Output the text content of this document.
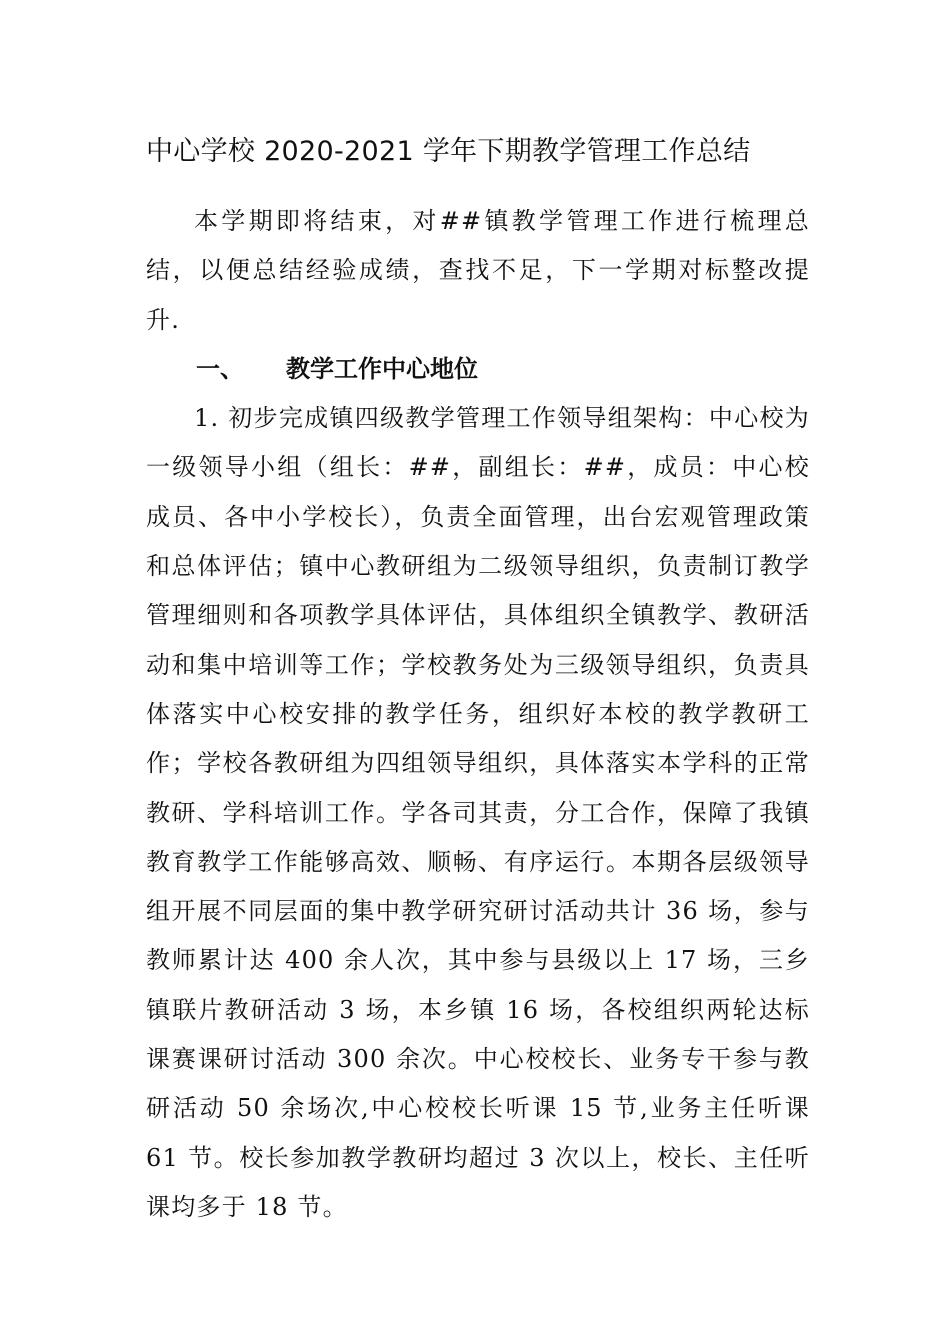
中心学校 2020-2021 学年下期教学管理工作总结

本学期即将结束，对##镇教学管理工作进行梳理总结，以便总结经验成绩，查找不足，下一学期对标整改提升.

一、 教学工作中心地位

1. 初步完成镇四级教学管理工作领导组架构：中心校为一级领导小组（组长：##，副组长：##，成员：中心校成员、各中小学校长），负责全面管理，出台宏观管理政策和总体评估；镇中心教研组为二级领导组织，负责制订教学管理细则和各项教学具体评估，具体组织全镇教学、教研活动和集中培训等工作；学校教务处为三级领导组织，负责具体落实中心校安排的教学任务，组织好本校的教学教研工作；学校各教研组为四组领导组织，具体落实本学科的正常教研、学科培训工作。学各司其责，分工合作，保障了我镇教育教学工作能够高效、顺畅、有序运行。本期各层级领导组开展不同层面的集中教学研究研讨活动共计 36 场，参与教师累计达 400 余人次，其中参与县级以上 17 场，三乡镇联片教研活动 3 场，本乡镇 16 场，各校组织两轮达标课赛课研讨活动 300 余次。中心校校长、业务专干参与教研活动 50 余场次,中心校校长听课 15 节,业务主任听课 61 节。校长参加教学教研均超过 3 次以上，校长、主任听课均多于 18 节。
